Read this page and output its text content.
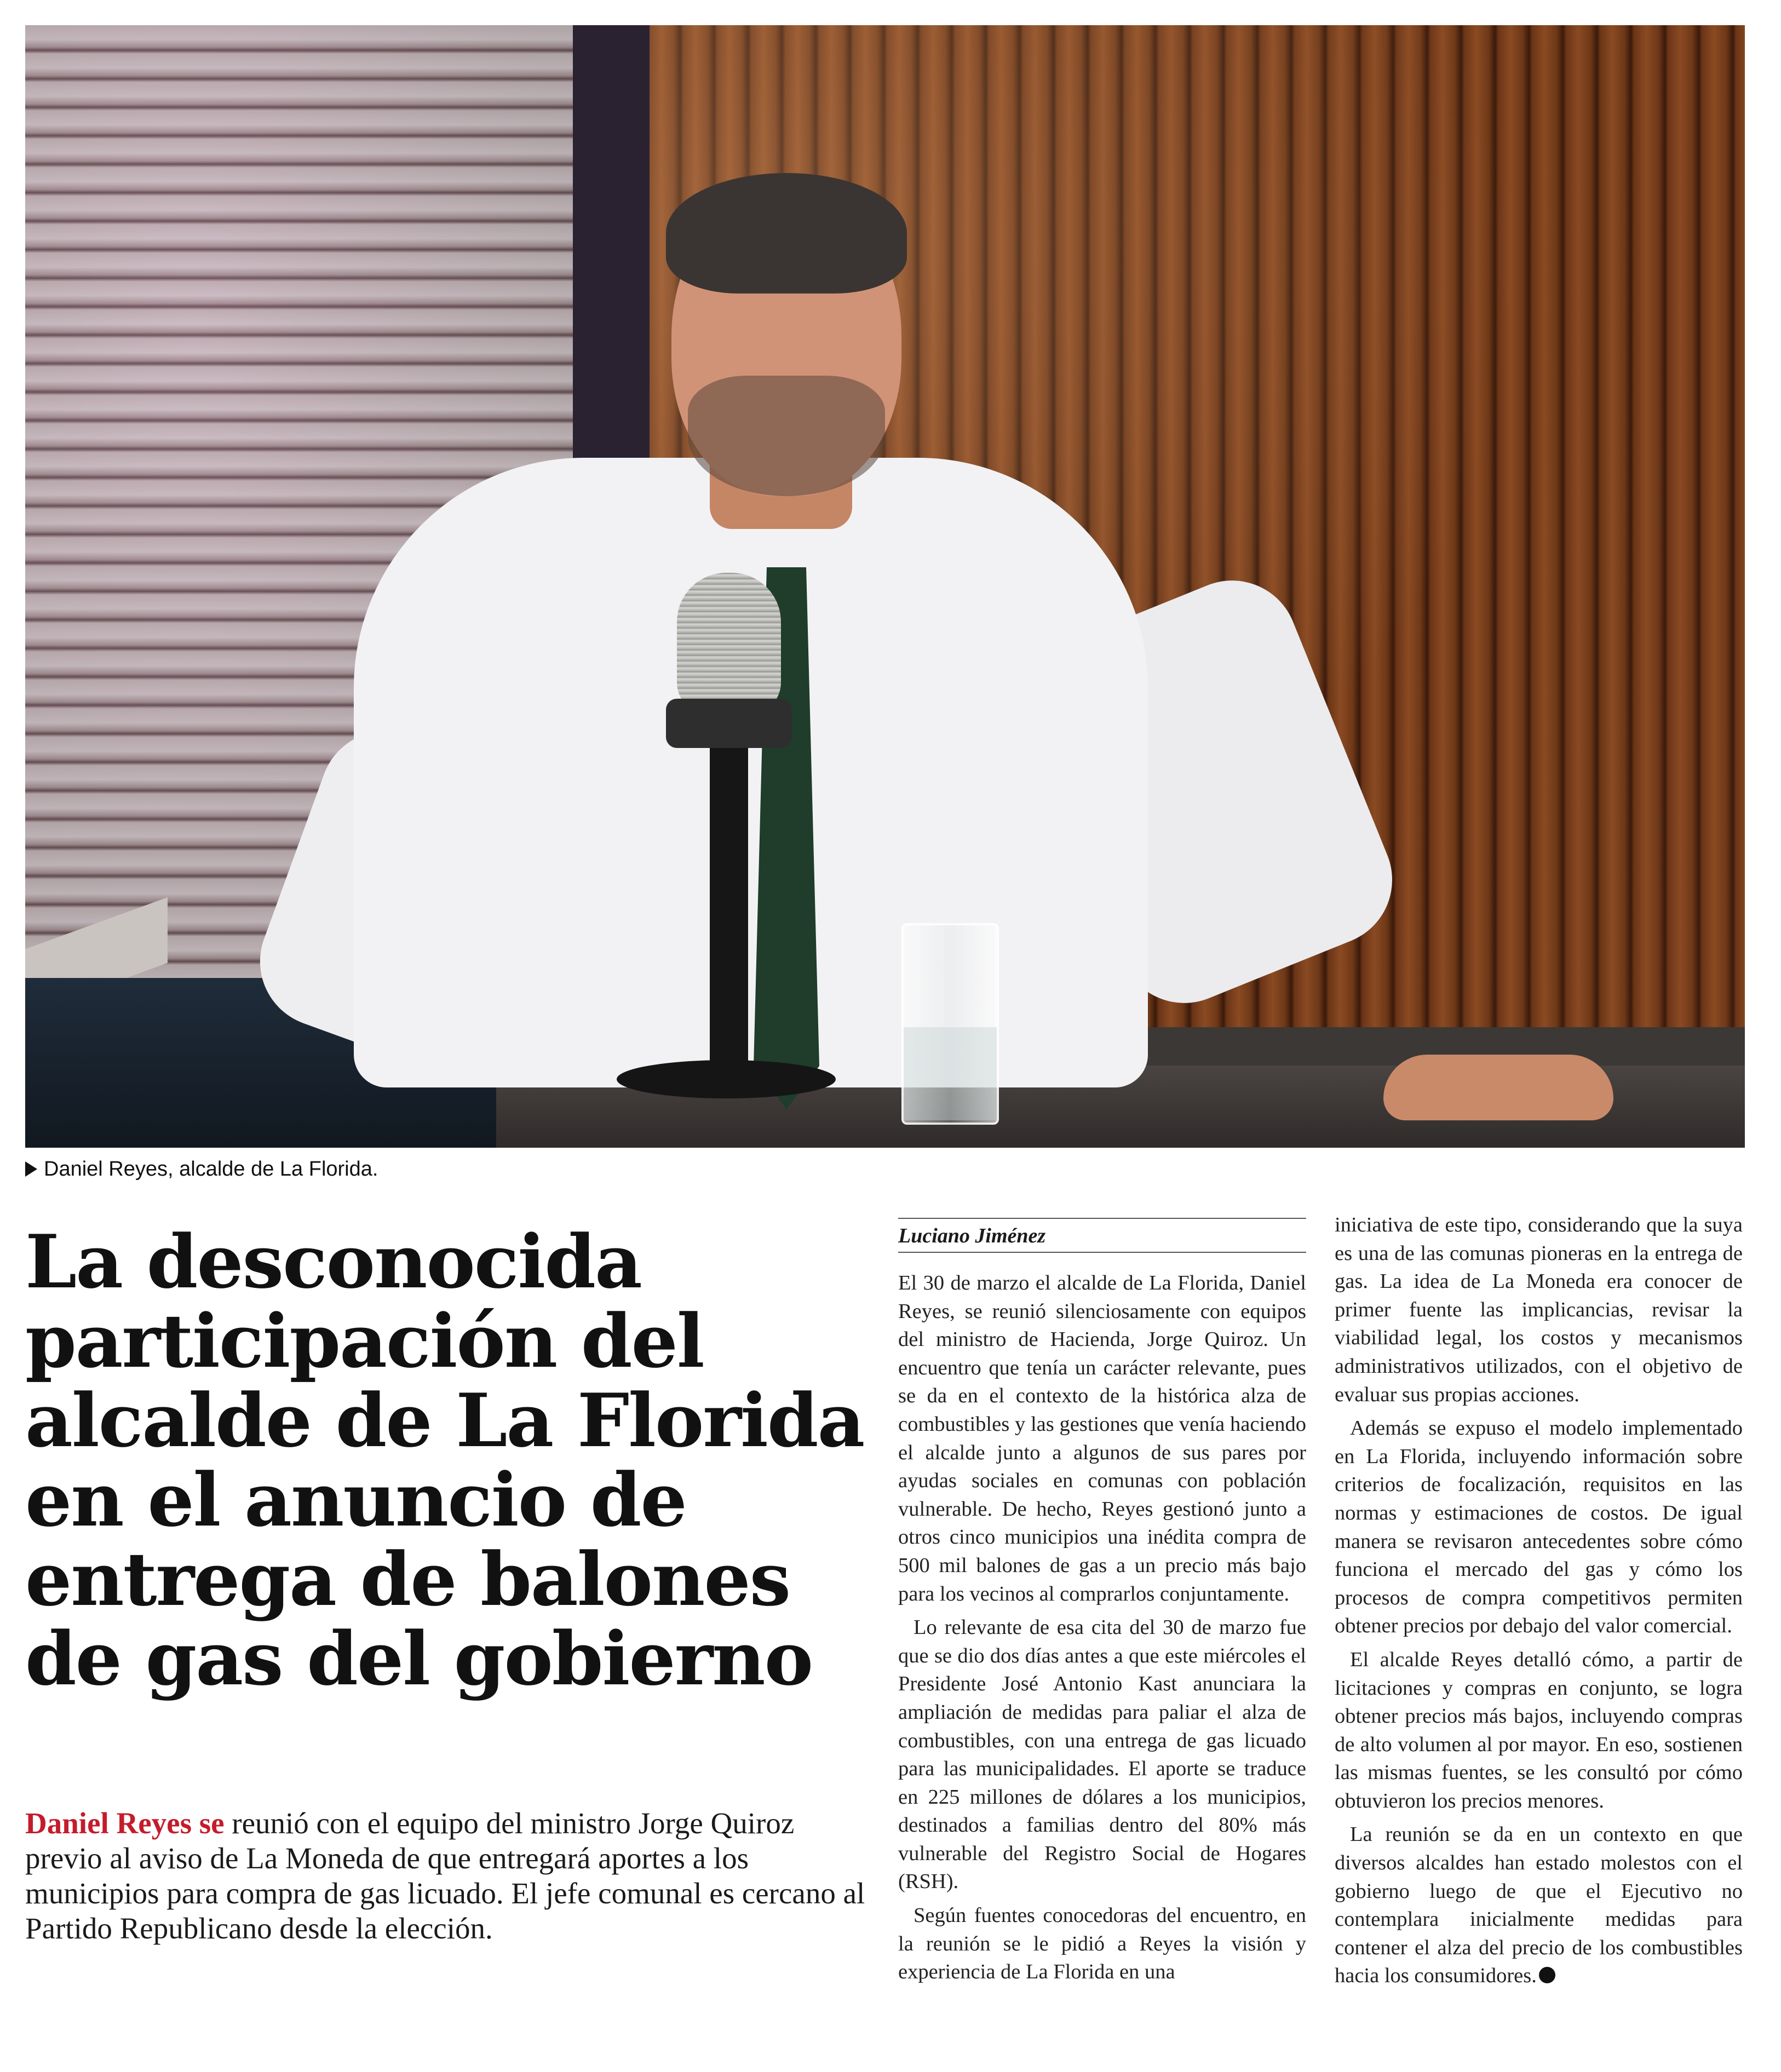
Daniel Reyes, alcalde de La Florida.
La desconocida participación del alcalde de La Florida en el anuncio de entrega de balones de gas del gobierno

Daniel Reyes se reunió con el equipo del ministro Jorge Quiroz previo al aviso de La Moneda de que entregará aportes a los municipios para compra de gas licuado. El jefe comunal es cercano al Partido Republicano desde la elección.

Luciano Jiménez

El 30 de marzo el alcalde de La Florida, Daniel Reyes, se reunió silenciosamente con equipos del ministro de Hacienda, Jorge Quiroz. Un encuentro que tenía un carácter relevante, pues se da en el contexto de la histórica alza de combustibles y las gestiones que venía haciendo el alcalde junto a algunos de sus pares por ayudas sociales en comunas con población vulnerable. De hecho, Reyes gestionó junto a otros cinco municipios una inédita compra de 500 mil balones de gas a un precio más bajo para los vecinos al comprarlos conjuntamente.

Lo relevante de esa cita del 30 de marzo fue que se dio dos días antes a que este miércoles el Presidente José Antonio Kast anunciara la ampliación de medidas para paliar el alza de combustibles, con una entrega de gas licuado para las municipalidades. El aporte se traduce en 225 millones de dólares a los municipios, destinados a familias dentro del 80% más vulnerable del Registro Social de Hogares (RSH).

Según fuentes conocedoras del encuentro, en la reunión se le pidió a Reyes la visión y experiencia de La Florida en una

iniciativa de este tipo, considerando que la suya es una de las comunas pioneras en la entrega de gas. La idea de La Moneda era conocer de primer fuente las implicancias, revisar la viabilidad legal, los costos y mecanismos administrativos utilizados, con el objetivo de evaluar sus propias acciones.

Además se expuso el modelo implementado en La Florida, incluyendo información sobre criterios de focalización, requisitos en las normas y estimaciones de costos. De igual manera se revisaron antecedentes sobre cómo funciona el mercado del gas y cómo los procesos de compra competitivos permiten obtener precios por debajo del valor comercial.

El alcalde Reyes detalló cómo, a partir de licitaciones y compras en conjunto, se logra obtener precios más bajos, incluyendo compras de alto volumen al por mayor. En eso, sostienen las mismas fuentes, se les consultó por cómo obtuvieron los precios menores.

La reunión se da en un contexto en que diversos alcaldes han estado molestos con el gobierno luego de que el Ejecutivo no contemplara inicialmente medidas para contener el alza del precio de los combustibles hacia los consumidores.
